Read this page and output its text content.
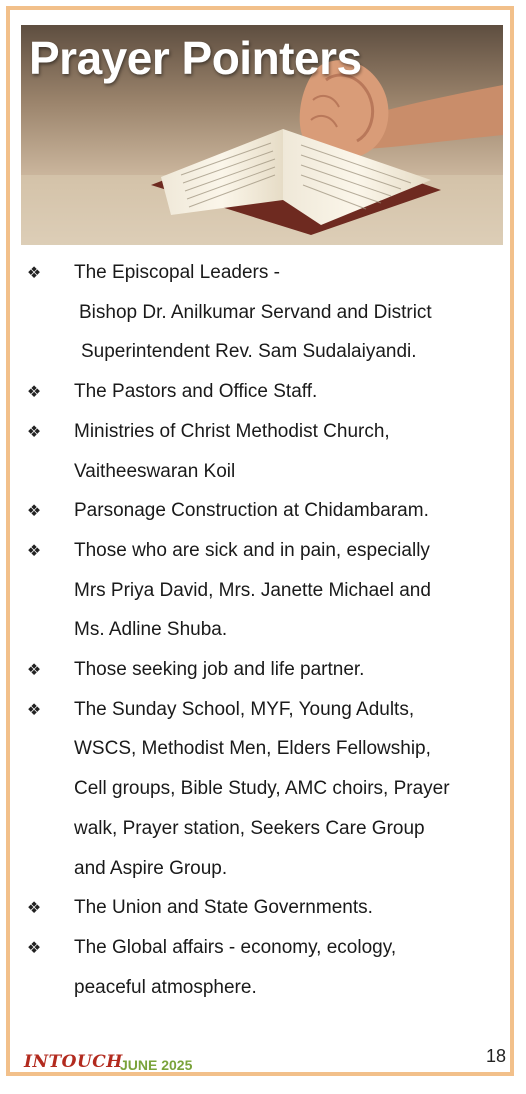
Prayer Pointers
❖ The Episcopal Leaders -
Bishop Dr. Anilkumar Servand and District
Superintendent Rev. Sam Sudalaiyandi.
❖ The Pastors and Office Staff.
❖ Ministries of Christ Methodist Church,
Vaitheeswaran Koil
❖ Parsonage Construction at Chidambaram.
❖ Those who are sick and in pain, especially
Mrs Priya David, Mrs. Janette Michael and
Ms. Adline Shuba.
❖ Those seeking job and life partner.
❖ The Sunday School, MYF, Young Adults,
WSCS, Methodist Men, Elders Fellowship,
Cell groups, Bible Study, AMC choirs, Prayer
walk, Prayer station, Seekers Care Group
and Aspire Group.
❖ The Union and State Governments.
❖ The Global affairs - economy, ecology,
peaceful atmosphere.
INTOUCH
JUNE 2025	18
